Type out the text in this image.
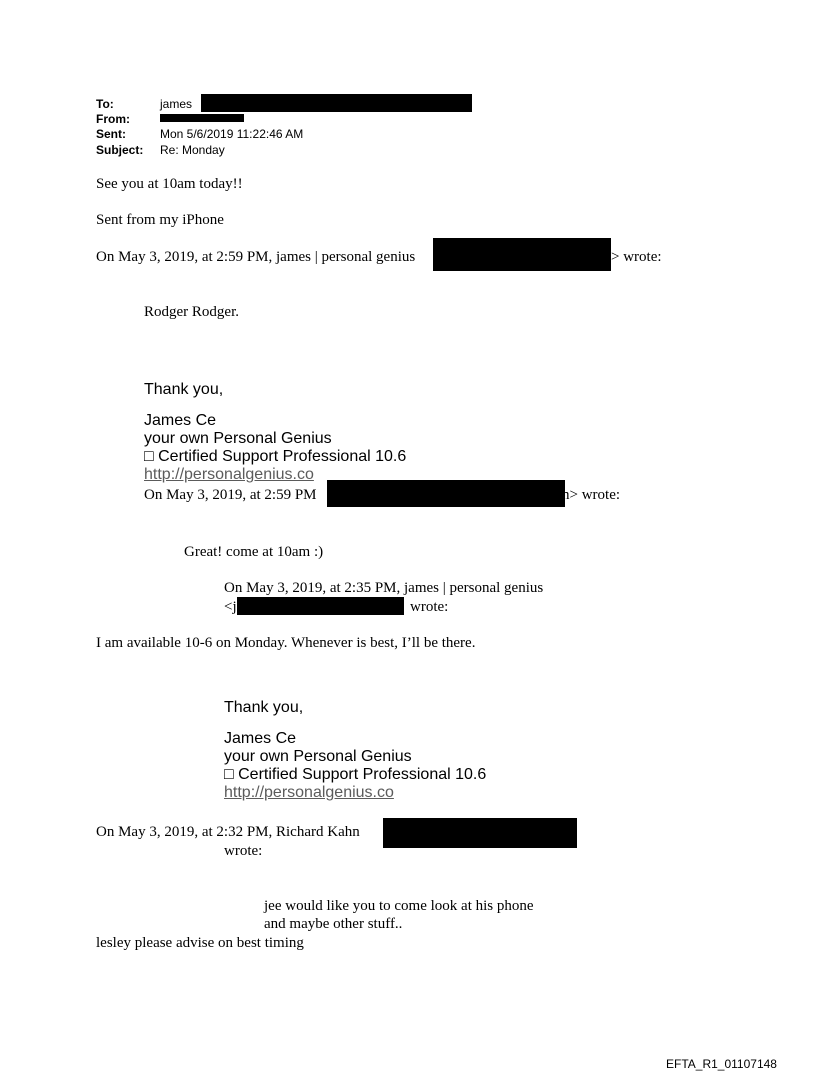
To:	james
From:
Sent:	Mon 5/6/2019 11:22:46 AM
Subject: Re: Monday
See you at 10am today!!
Sent from my iPhone
On May 3, 2019, at 2:59 PM, james | personal genius	> wrote:
Rodger Rodger.
Thank you,
James Ce
your own Personal Genius
□ Certified Support Professional 10.6
http://personalgenius.co
On May 3, 2019, at 2:59 PM	n> wrote:
Great! come at 10am :)
On May 3, 2019, at 2:35 PM, james | personal genius
<j	wrote:
I am available 10-6 on Monday. Whenever is best, I’ll be there.
Thank you,
James Ce
your own Personal Genius
□ Certified Support Professional 10.6
http://personalgenius.co
On May 3, 2019, at 2:32 PM, Richard Kahn
wrote:
jee would like you to come look at his phone
and maybe other stuff..
lesley please advise on best timing
EFTA_R1_01107148
